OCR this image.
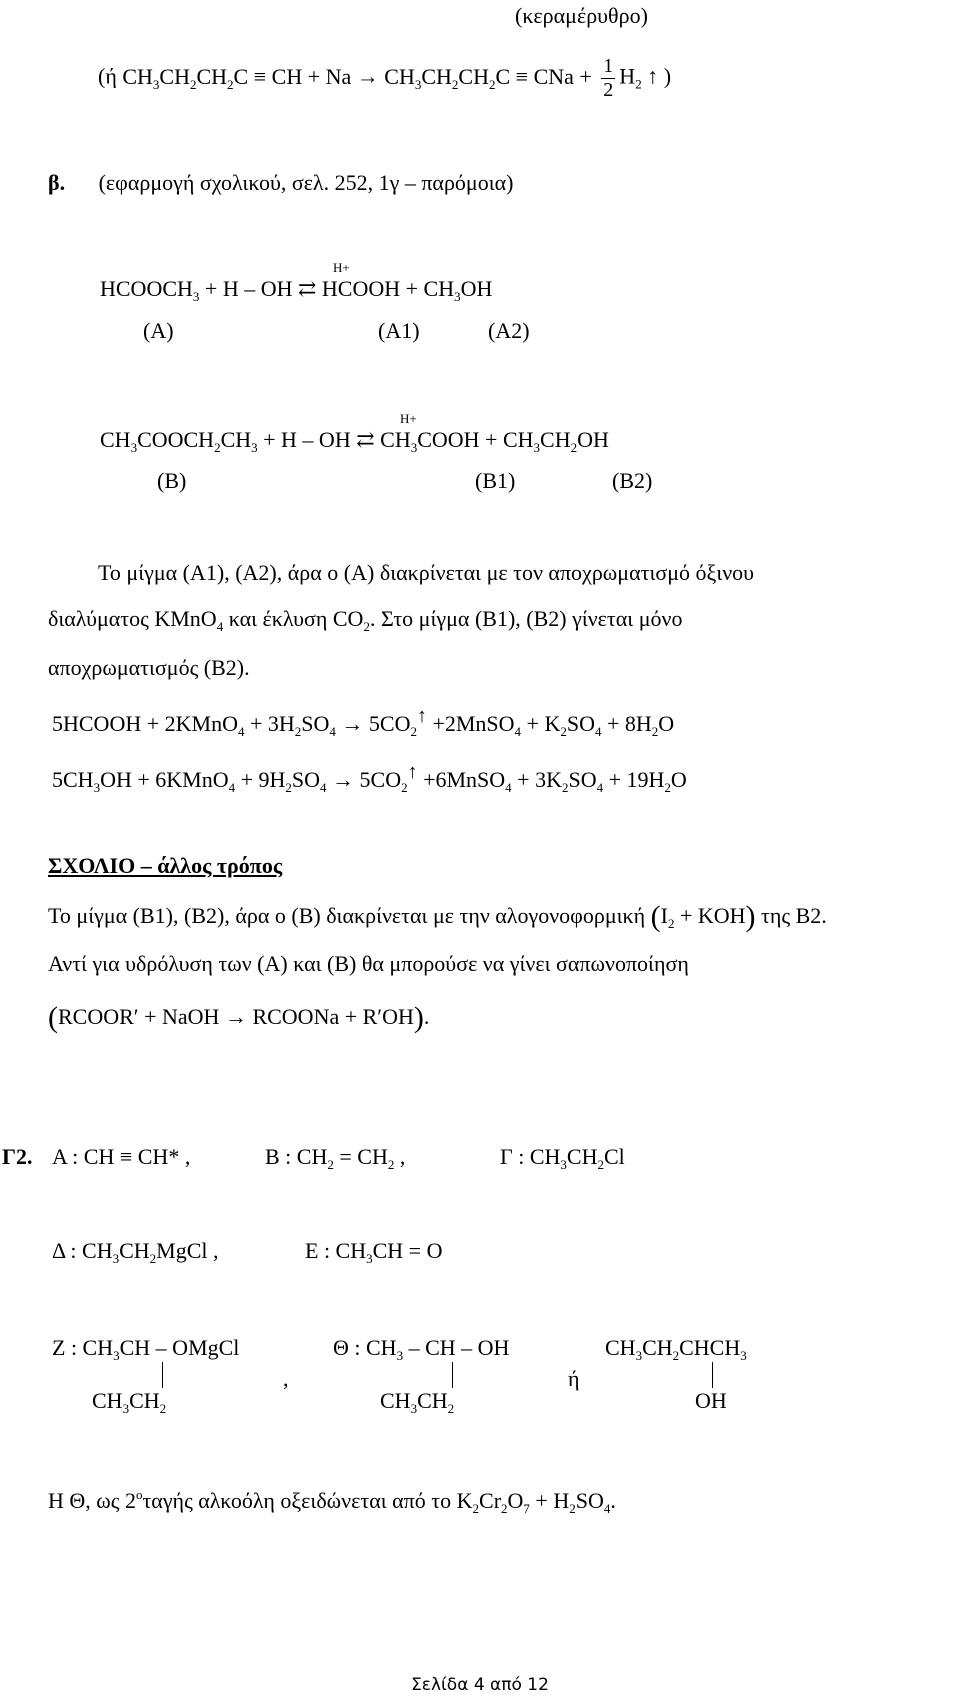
(κεραμέρυθρο)
(ή $CH_3CH_2CH_2C$ ≡ CH + $Na \to CH_3CH_2CH_2C$ ≡ CNa + $\frac{1}{2} H_2$ ↑ )
β. (εφαρμογή σχολικού, σελ. 252, 1γ – παρόμοια)
H+
$HCOOCH_3 + H$ – OH ⇄ HCOOH + $CH_3OH$
(A)	(A1)	(A2)
H+
$CH_3COOCH_2CH_3 + H$ – OH ⇄ $CH_3COOH + CH_3CH_2OH$
(B)	(B1)	(B2)
Το μίγμα (A1), (A2), άρα ο (A) διακρίνεται με τον αποχρωματισμό όξινου
διαλύματος KMnO$_4$ και έκλυση $CO_2$. Στο μίγμα (B1), (B2) γίνεται μόνο
αποχρωματισμός (B2).
5HCOOH + 2KMnO$_4$ + $3H_2SO_4$ → $5CO_2↑$ +2MnSO$_4$ + $K_2SO_4 + 8H_2O$
$5CH_3OH$ + 6KMnO$_4$ + $9H_2SO_4$ → $5CO_2↑$ +6MnSO$_4$ + $3K_2SO_4 + 19H_2O$
ΣΧΟΛΙΟ – άλλος τρόπος
Το μίγμα (B1), (B2), άρα ο (B) διακρίνεται με την αλογονοφορμική $(I_2 + KOH)$ της B2.
Αντί για υδρόλυση των (A) και (B) θα μπορούσε να γίνει σαπωνοποίηση
(RCOOR′ + NaOH → RCOONa + R′OH).
Γ2. A : CH ≡ CH* ,	B : $CH_2 = CH_2$ ,	Γ : $CH_3CH_2Cl$
Δ : $CH_3CH_2MgCl$ ,	E : $CH_3CH = O$
Z : $CH_3CH$ – OMgCl
$CH_3CH_2$
,
Θ : $CH_3$ – CH – OH
$CH_3CH_2$
ή
$CH_3CH_2CHCH_3$
OH
H Θ, ως $2^o\tau\alpha\gamma ή\varsigma$ αλκοόλη οξειδώνεται από το $K_2Cr_2O_7 + H_2SO_4$.
Σελίδα 4 από 12
